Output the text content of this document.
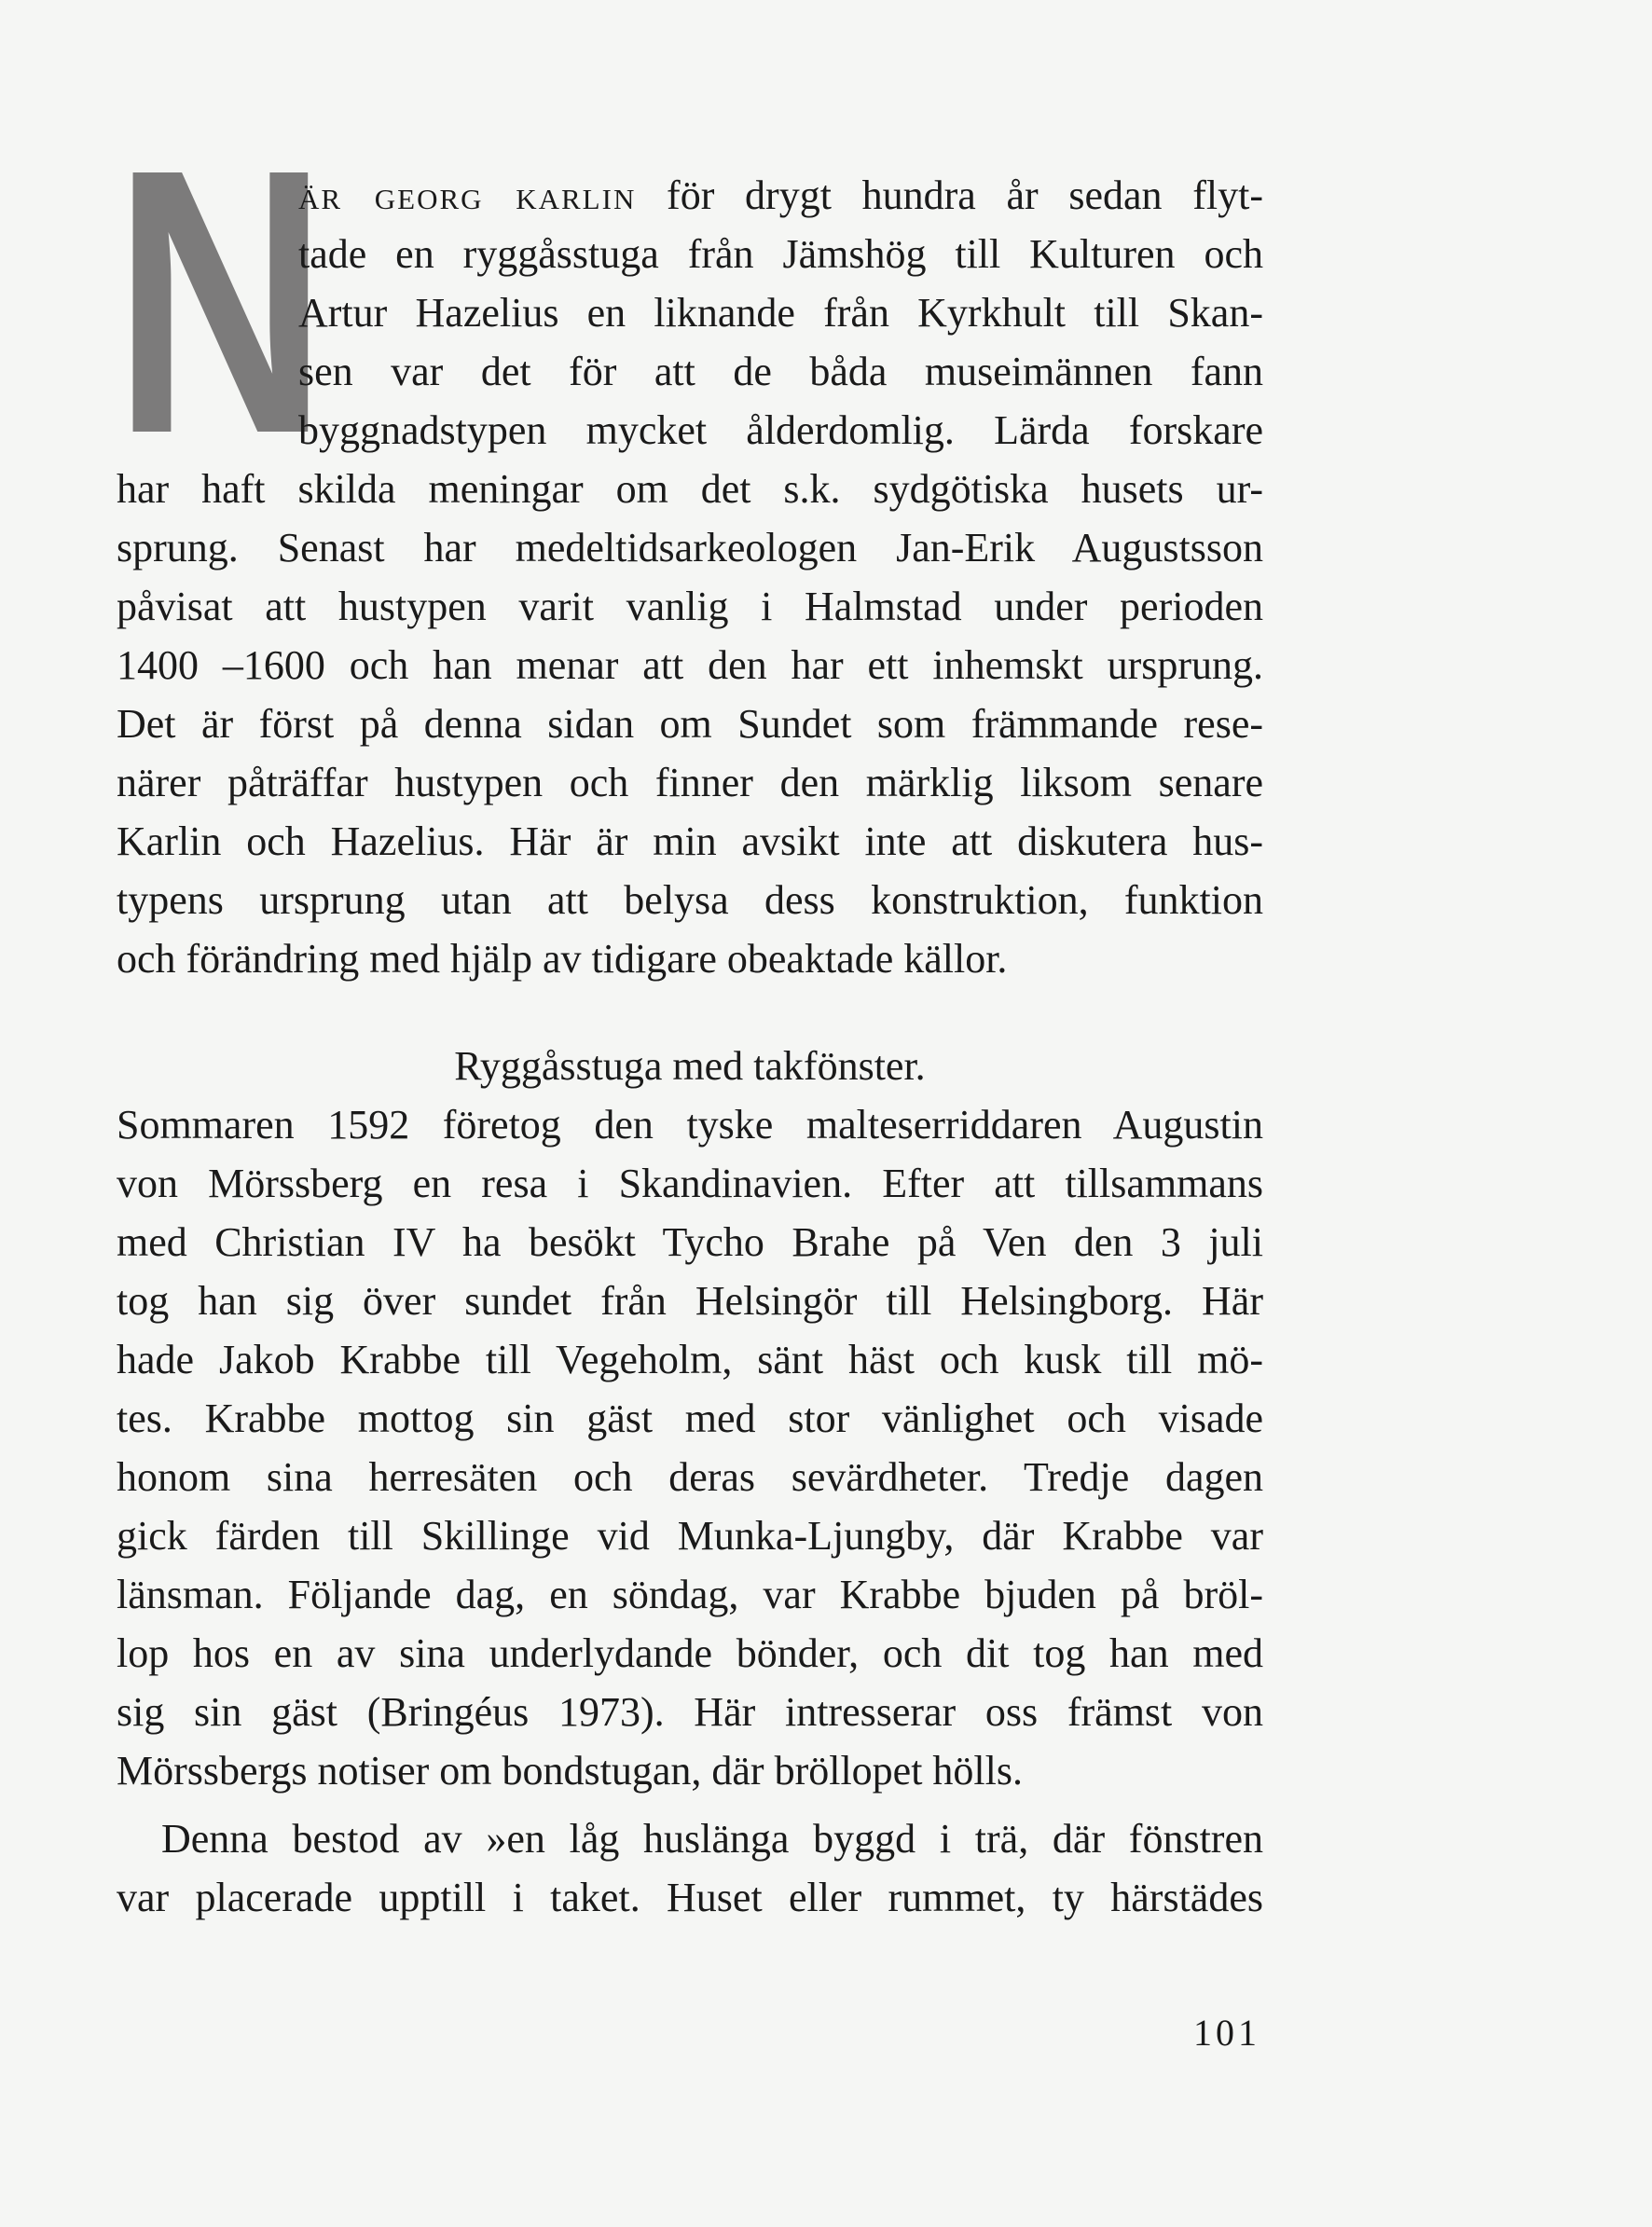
N
är georg karlin för drygt hundra år sedan flyt-
tade en ryggåsstuga från Jämshög till Kulturen och
Artur Hazelius en liknande från Kyrkhult till Skan-
sen var det för att de båda museimännen fann
byggnadstypen mycket ålderdomlig. Lärda forskare
har haft skilda meningar om det s.k. sydgötiska husets ur-
sprung. Senast har medeltidsarkeologen Jan-Erik Augustsson
påvisat att hustypen varit vanlig i Halmstad under perioden
1400 –1600 och han menar att den har ett inhemskt ursprung.
Det är först på denna sidan om Sundet som främmande rese-
närer påträffar hustypen och finner den märklig liksom senare
Karlin och Hazelius. Här är min avsikt inte att diskutera hus-
typens ursprung utan att belysa dess konstruktion, funktion
och förändring med hjälp av tidigare obeaktade källor.

Ryggåsstuga med takfönster.

Sommaren 1592 företog den tyske malteserriddaren Augustin
von Mörssberg en resa i Skandinavien. Efter att tillsammans
med Christian IV ha besökt Tycho Brahe på Ven den 3 juli
tog han sig över sundet från Helsingör till Helsingborg. Här
hade Jakob Krabbe till Vegeholm, sänt häst och kusk till mö-
tes. Krabbe mottog sin gäst med stor vänlighet och visade
honom sina herresäten och deras sevärdheter. Tredje dagen
gick färden till Skillinge vid Munka-Ljungby, där Krabbe var
länsman. Följande dag, en söndag, var Krabbe bjuden på bröl-
lop hos en av sina underlydande bönder, och dit tog han med
sig sin gäst (Bringéus 1973). Här intresserar oss främst von
Mörssbergs notiser om bondstugan, där bröllopet hölls.
Denna bestod av »en låg huslänga byggd i trä, där fönstren
var placerade upptill i taket. Huset eller rummet, ty härstädes
101
